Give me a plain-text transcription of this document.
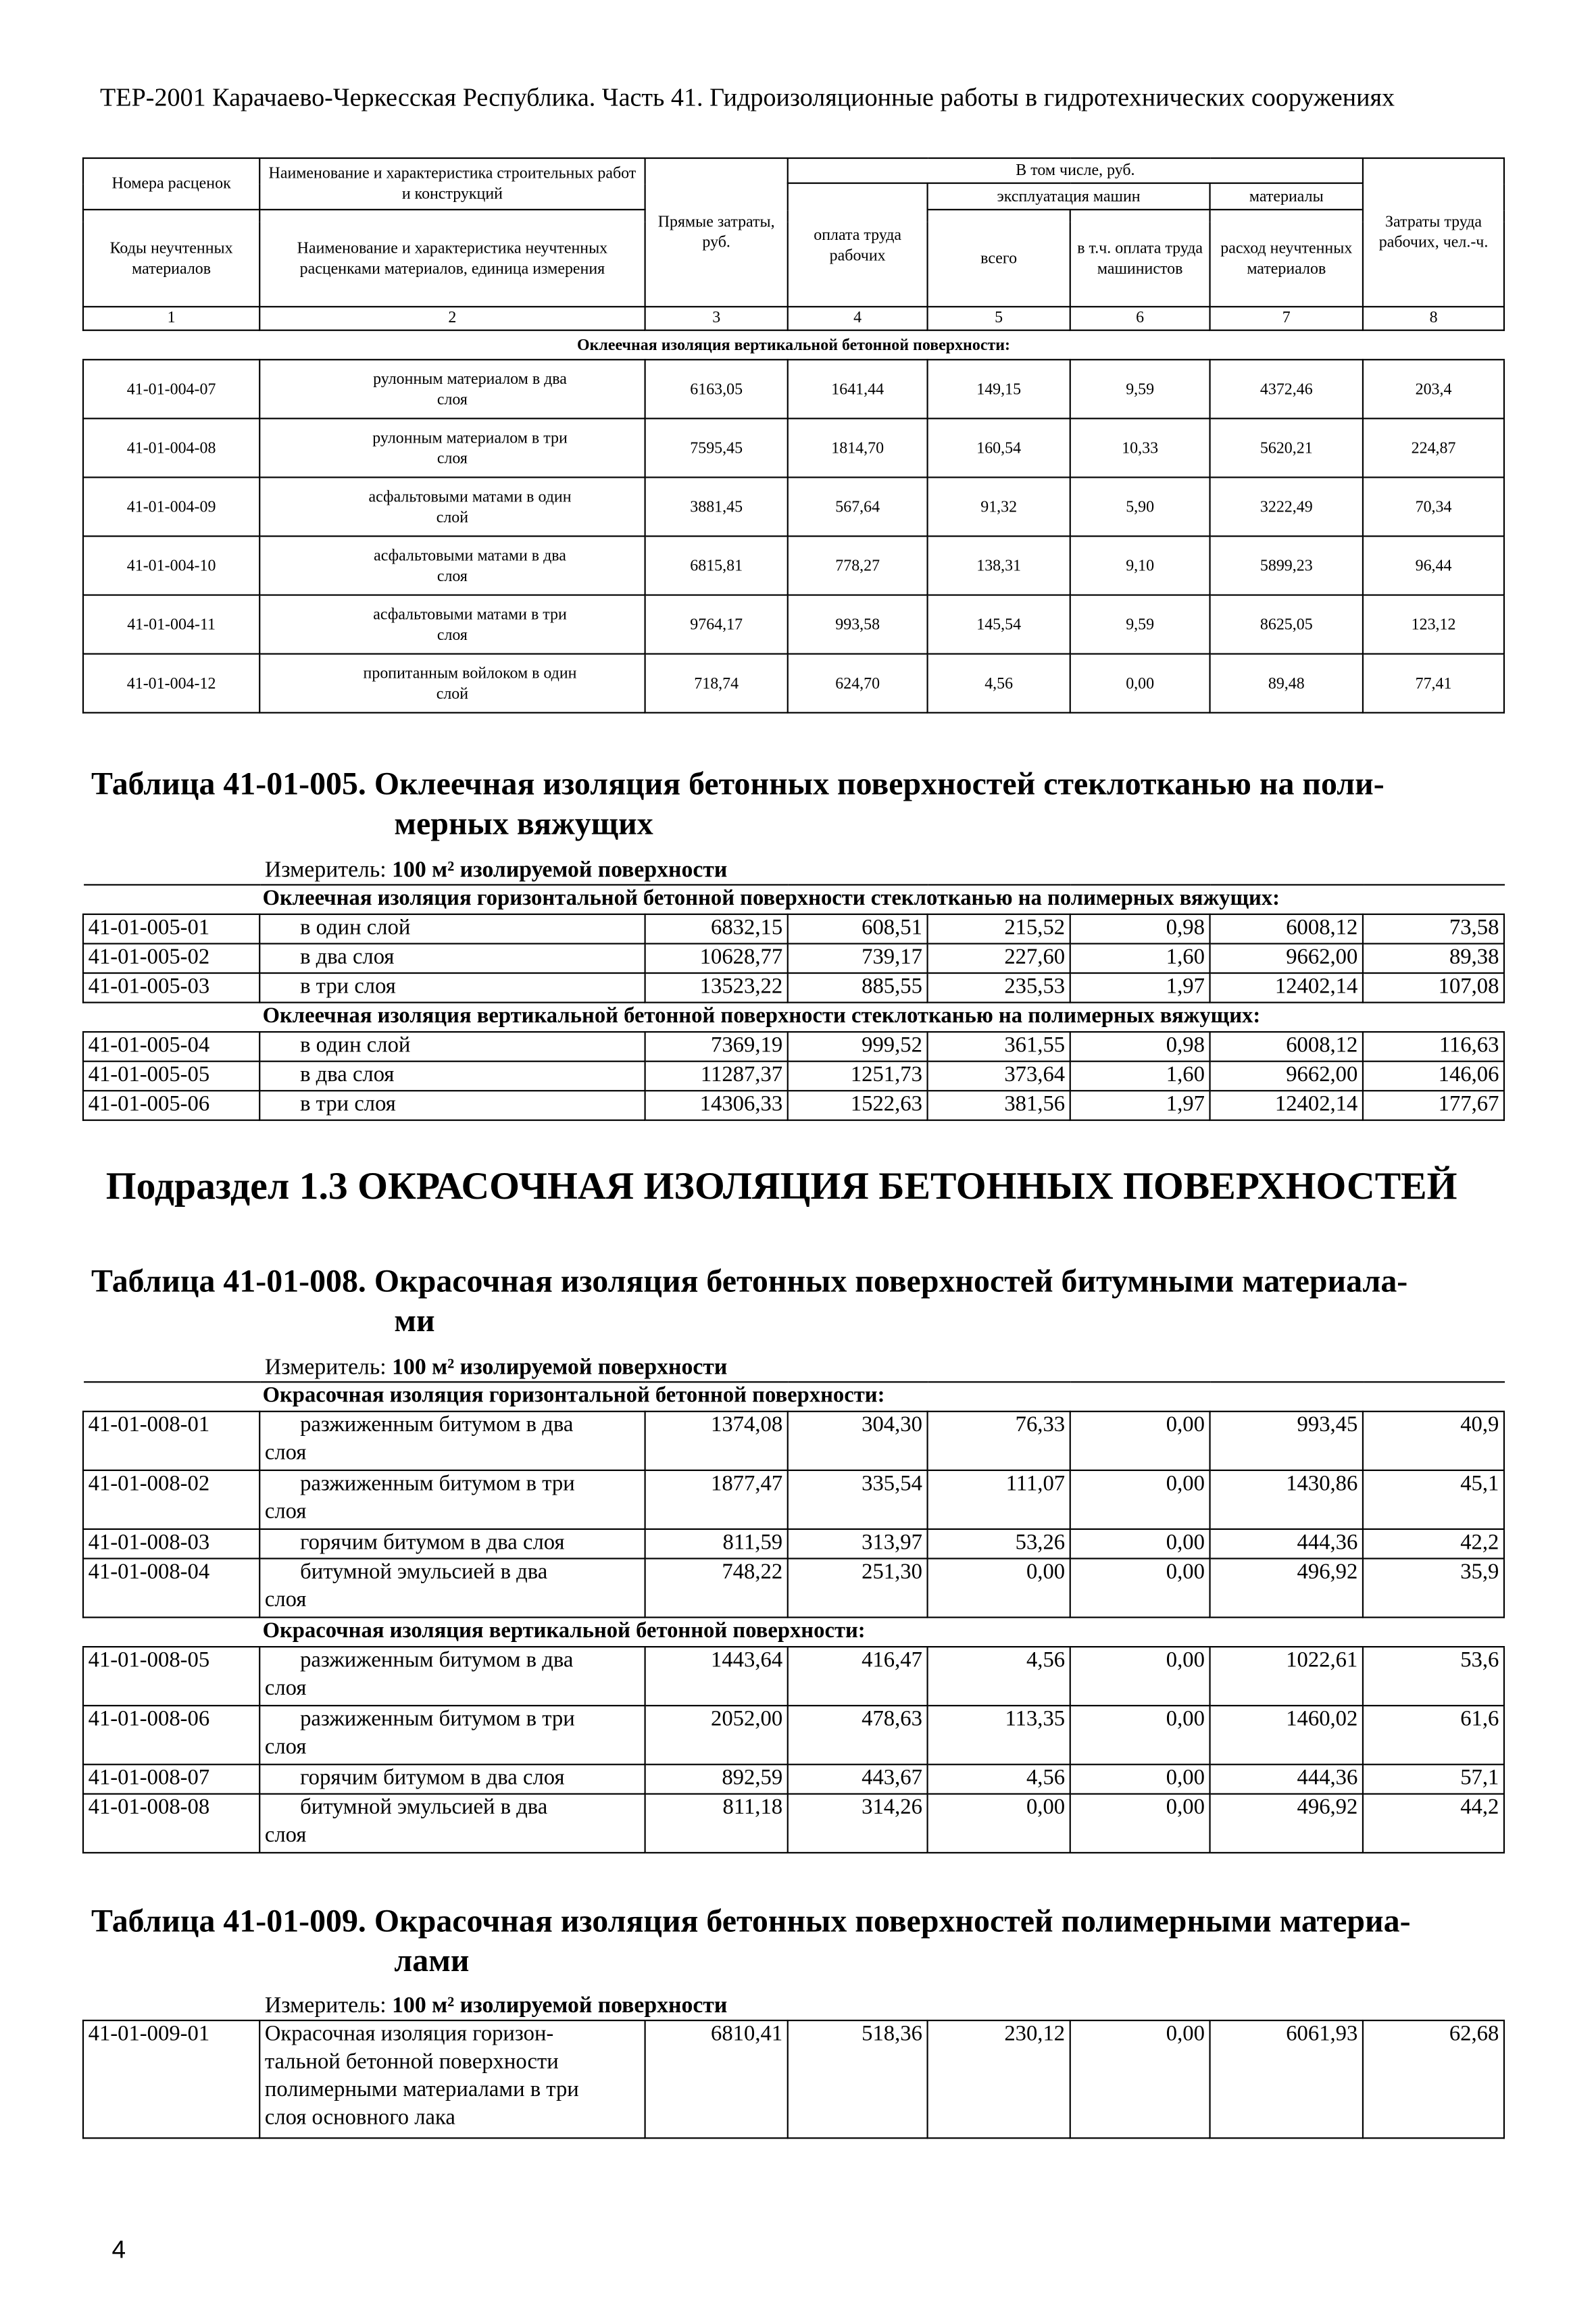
ТЕР-2001 Карачаево-Черкесская Республика. Часть 41. Гидроизоляционные работы в гидротехнических сооружениях
Номера расценок	Наименование и характеристика строительных работ и конструкций	Прямые затраты, руб.	В том числе, руб.				Затраты труда рабочих, чел.-ч.
			оплата труда рабочих	эксплуатация машин		материалы	
Коды неучтенных материалов	Наименование и характеристика неучтенных расценками материалов, единица измерения			всего	в т.ч. оплата труда машинистов	расход неучтенных материалов	

1	2	3	4	5	6	7	8
Оклеечная изоляция вертикальной бетонной поверхности:							
41-01-004-07	рулонным материалом в два
слоя	6163,05	1641,44	149,15	9,59	4372,46	203,4
41-01-004-08	рулонным материалом в три
слоя	7595,45	1814,70	160,54	10,33	5620,21	224,87
41-01-004-09	асфальтовыми матами в один
слой	3881,45	567,64	91,32	5,90	3222,49	70,34
41-01-004-10	асфальтовыми матами в два
слоя	6815,81	778,27	138,31	9,10	5899,23	96,44
41-01-004-11	асфальтовыми матами в три
слоя	9764,17	993,58	145,54	9,59	8625,05	123,12
41-01-004-12	пропитанным войлоком в один
слой	718,74	624,70	4,56	0,00	89,48	77,41
Таблица 41-01-005. Оклеечная изоляция бетонных поверхностей стеклотканью на поли-
мерных вяжущих
Измеритель: 100 м² изолируемой поверхности
Оклеечная изоляция горизонтальной бетонной поверхности стеклотканью на полимерных вяжущих:							
41-01-005-01	в один слой	6832,15	608,51	215,52	0,98	6008,12	73,58
41-01-005-02	в два слоя	10628,77	739,17	227,60	1,60	9662,00	89,38
41-01-005-03	в три слоя	13523,22	885,55	235,53	1,97	12402,14	107,08
Оклеечная изоляция вертикальной бетонной поверхности стеклотканью на полимерных вяжущих:							
41-01-005-04	в один слой	7369,19	999,52	361,55	0,98	6008,12	116,63
41-01-005-05	в два слоя	11287,37	1251,73	373,64	1,60	9662,00	146,06
41-01-005-06	в три слоя	14306,33	1522,63	381,56	1,97	12402,14	177,67
Подраздел 1.3 ОКРАСОЧНАЯ ИЗОЛЯЦИЯ БЕТОННЫХ ПОВЕРХНОСТЕЙ
Таблица 41-01-008. Окрасочная изоляция бетонных поверхностей битумными материала-
ми
Измеритель: 100 м² изолируемой поверхности
Окрасочная изоляция горизонтальной бетонной поверхности:							
41-01-008-01	разжиженным битумом в два
слоя	1374,08	304,30	76,33	0,00	993,45	40,9
41-01-008-02	разжиженным битумом в три
слоя	1877,47	335,54	111,07	0,00	1430,86	45,1
41-01-008-03	горячим битумом в два слоя	811,59	313,97	53,26	0,00	444,36	42,2
41-01-008-04	битумной эмульсией в два
слоя	748,22	251,30	0,00	0,00	496,92	35,9
Окрасочная изоляция вертикальной бетонной поверхности:							
41-01-008-05	разжиженным битумом в два
слоя	1443,64	416,47	4,56	0,00	1022,61	53,6
41-01-008-06	разжиженным битумом в три
слоя	2052,00	478,63	113,35	0,00	1460,02	61,6
41-01-008-07	горячим битумом в два слоя	892,59	443,67	4,56	0,00	444,36	57,1
41-01-008-08	битумной эмульсией в два
слоя	811,18	314,26	0,00	0,00	496,92	44,2
Таблица 41-01-009. Окрасочная изоляция бетонных поверхностей полимерными материа-
лами
Измеритель: 100 м² изолируемой поверхности
41-01-009-01	Окрасочная изоляция горизон-
тальной бетонной поверхности
полимерными материалами в три
слоя основного лака
	6810,41	518,36	230,12	0,00	6061,93	62,68
4
